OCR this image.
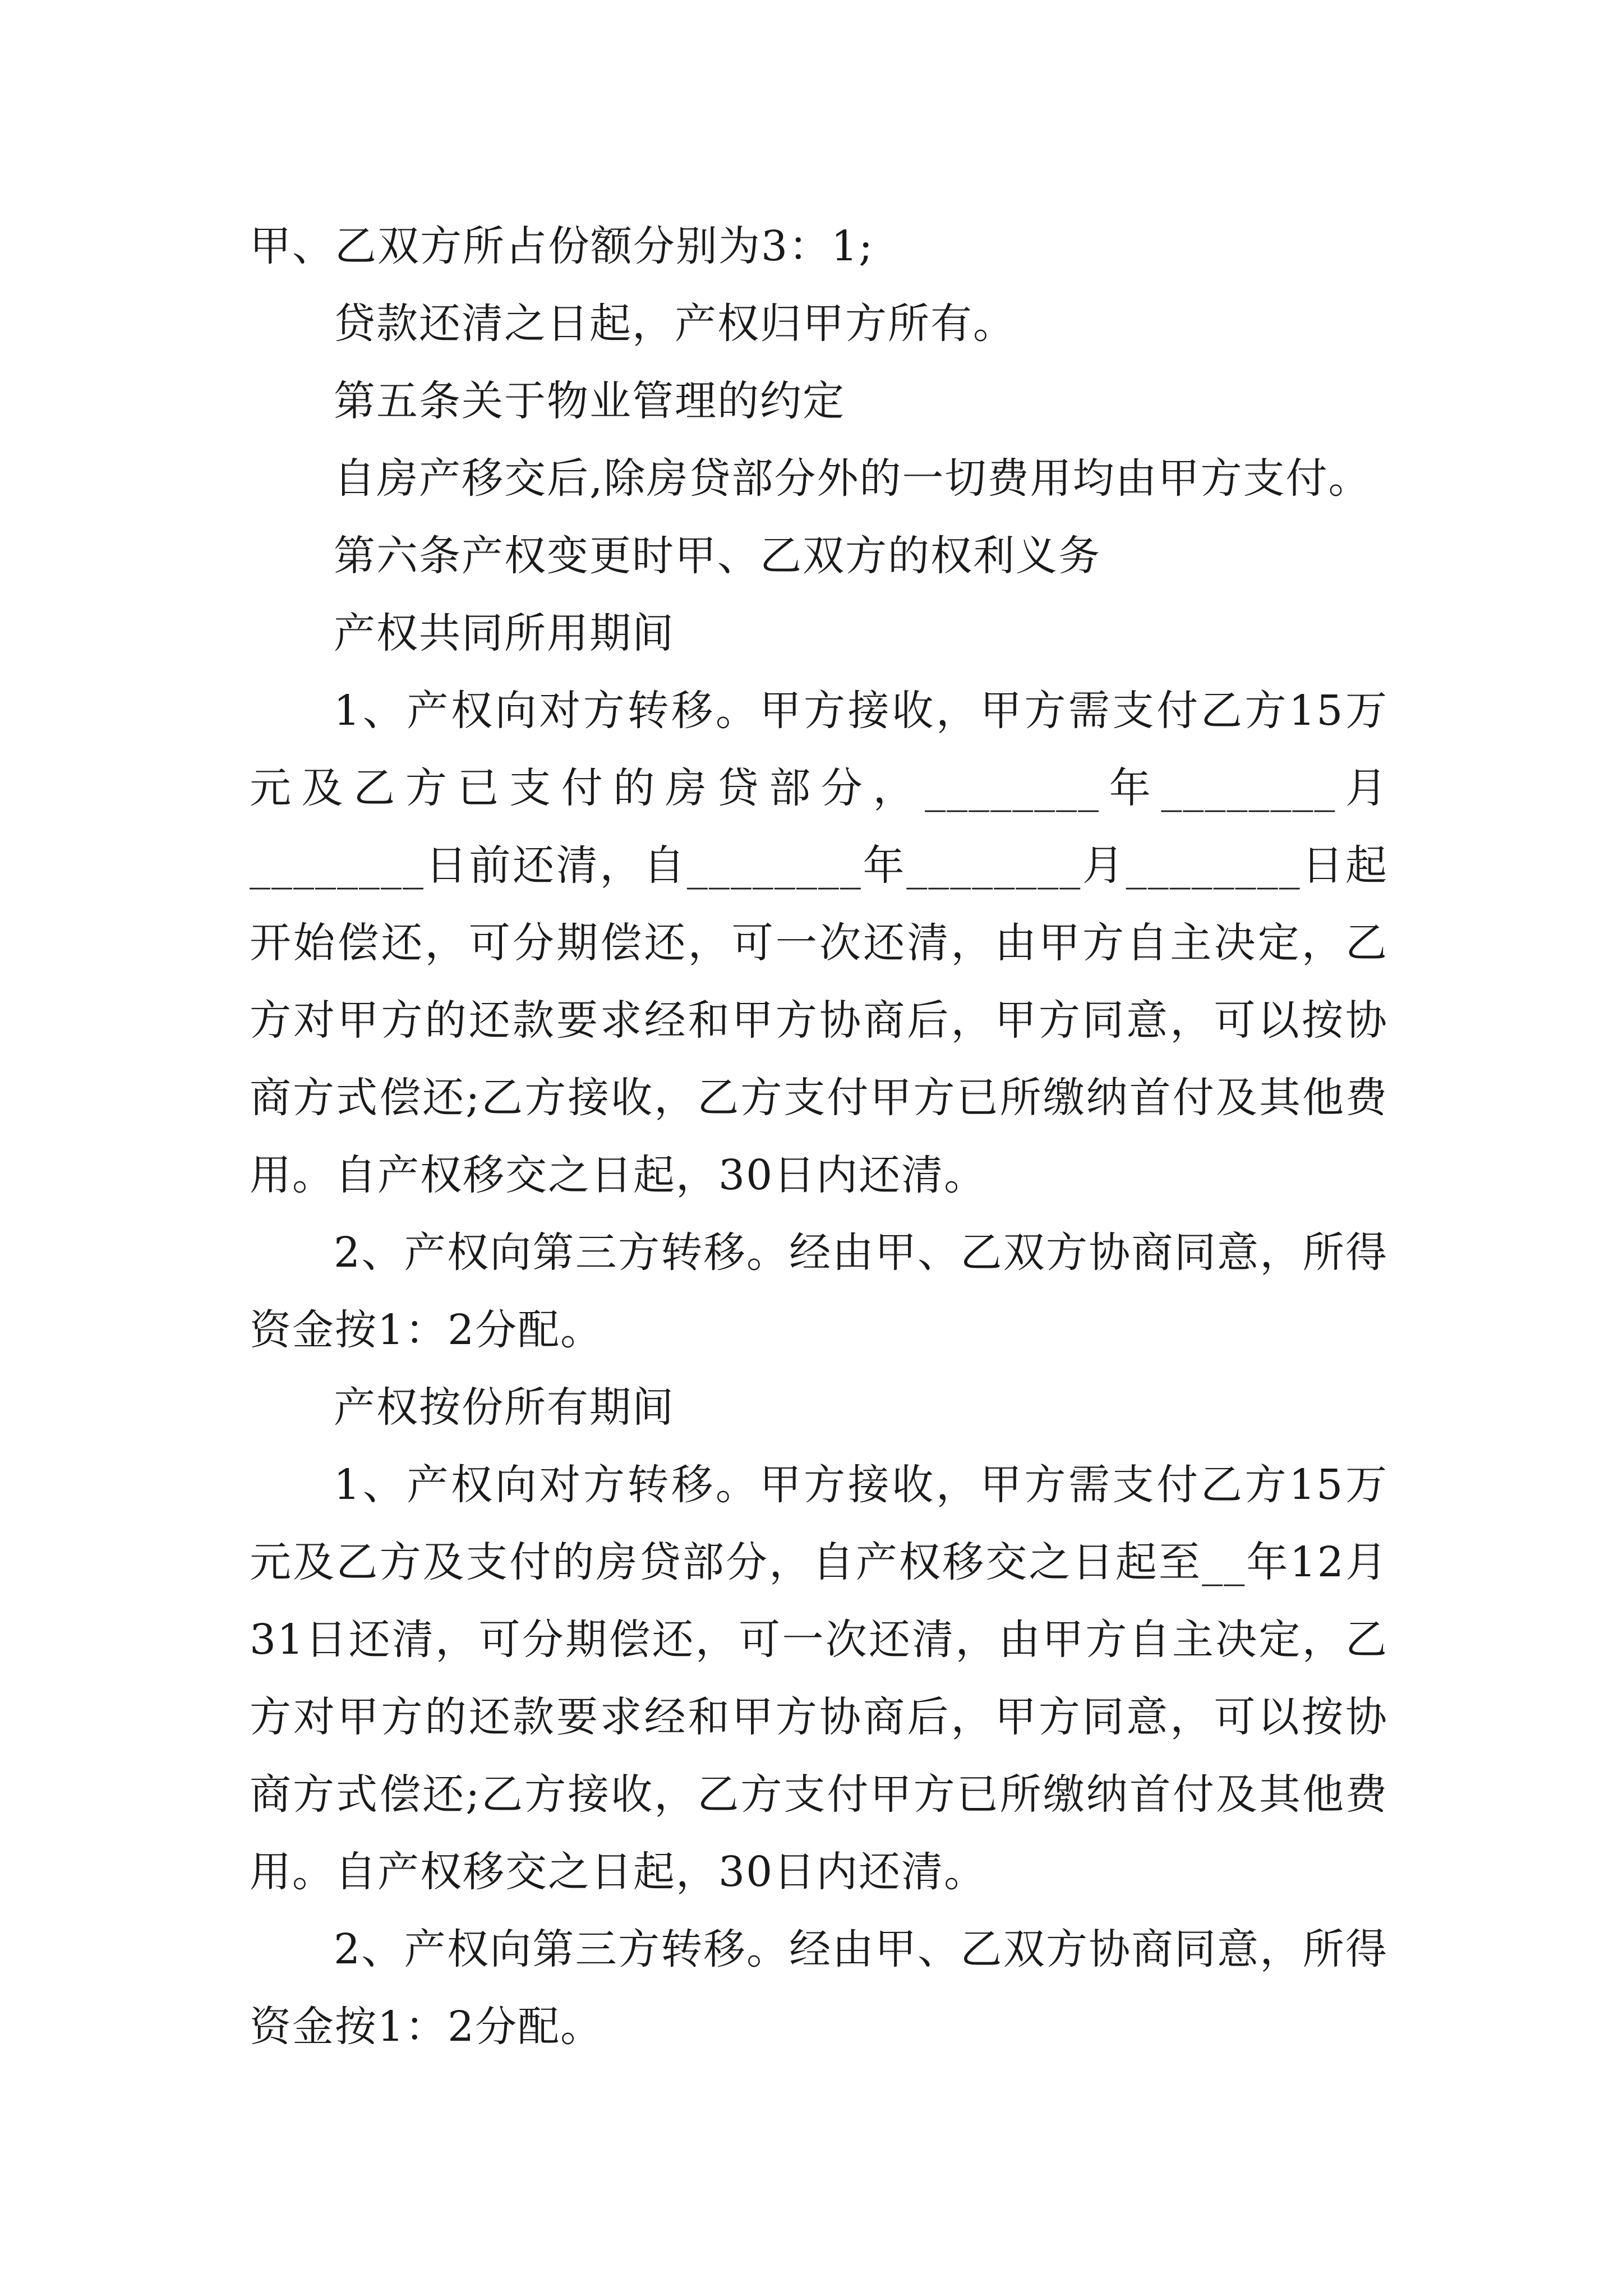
甲、乙双方所占份额分别为3：1;

贷款还清之日起，产权归甲方所有。

第五条关于物业管理的约定

自房产移交后,除房贷部分外的一切费用均由甲方支付。

第六条产权变更时甲、乙双方的权利义务

产权共同所用期间

1、产权向对方转移。甲方接收，甲方需支付乙方15万元及乙方已支付的房贷部分，________年________月________日前还清，自________年________月________日起开始偿还，可分期偿还，可一次还清，由甲方自主决定，乙方对甲方的还款要求经和甲方协商后，甲方同意，可以按协商方式偿还;乙方接收，乙方支付甲方已所缴纳首付及其他费用。自产权移交之日起，30日内还清。

2、产权向第三方转移。经由甲、乙双方协商同意，所得资金按1：2分配。

产权按份所有期间

1、产权向对方转移。甲方接收，甲方需支付乙方15万元及乙方及支付的房贷部分，自产权移交之日起至__年12月31日还清，可分期偿还，可一次还清，由甲方自主决定，乙方对甲方的还款要求经和甲方协商后，甲方同意，可以按协商方式偿还;乙方接收，乙方支付甲方已所缴纳首付及其他费用。自产权移交之日起，30日内还清。

2、产权向第三方转移。经由甲、乙双方协商同意，所得资金按1：2分配。
